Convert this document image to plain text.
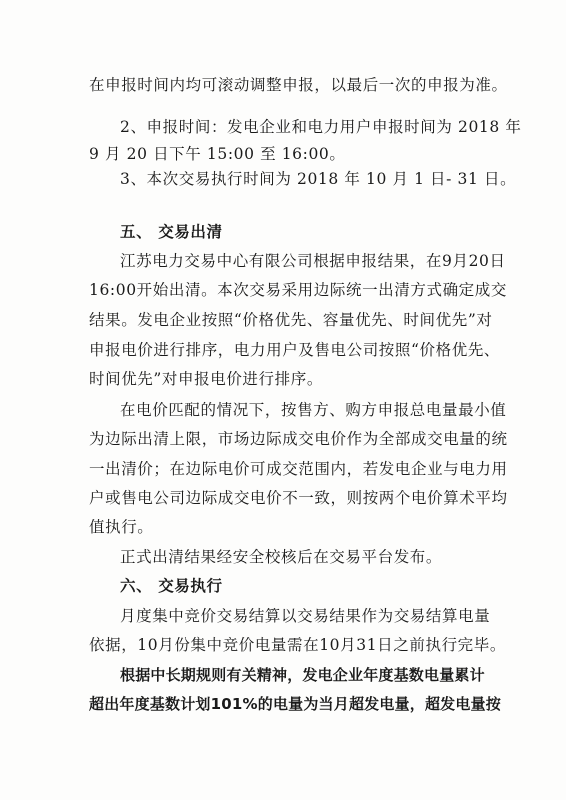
在申报时间内均可滚动调整申报，以最后一次的申报为准。
2、申报时间：发电企业和电力用户申报时间为 2018 年
9 月 20 日下午 15:00 至 16:00。
3、本次交易执行时间为 2018 年 10 月 1 日- 31 日。
五、 交易出清
江苏电力交易中心有限公司根据申报结果，在9月20日
16:00开始出清。本次交易采用边际统一出清方式确定成交
结果。发电企业按照“价格优先、容量优先、时间优先”对
申报电价进行排序，电力用户及售电公司按照“价格优先、
时间优先”对申报电价进行排序。
在电价匹配的情况下，按售方、购方申报总电量最小值
为边际出清上限，市场边际成交电价作为全部成交电量的统
一出清价；在边际电价可成交范围内，若发电企业与电力用
户或售电公司边际成交电价不一致，则按两个电价算术平均
值执行。
正式出清结果经安全校核后在交易平台发布。
六、 交易执行
月度集中竞价交易结算以交易结果作为交易结算电量
依据，10月份集中竞价电量需在10月31日之前执行完毕。
根据中长期规则有关精神，发电企业年度基数电量累计
超出年度基数计划101%的电量为当月超发电量，超发电量按
